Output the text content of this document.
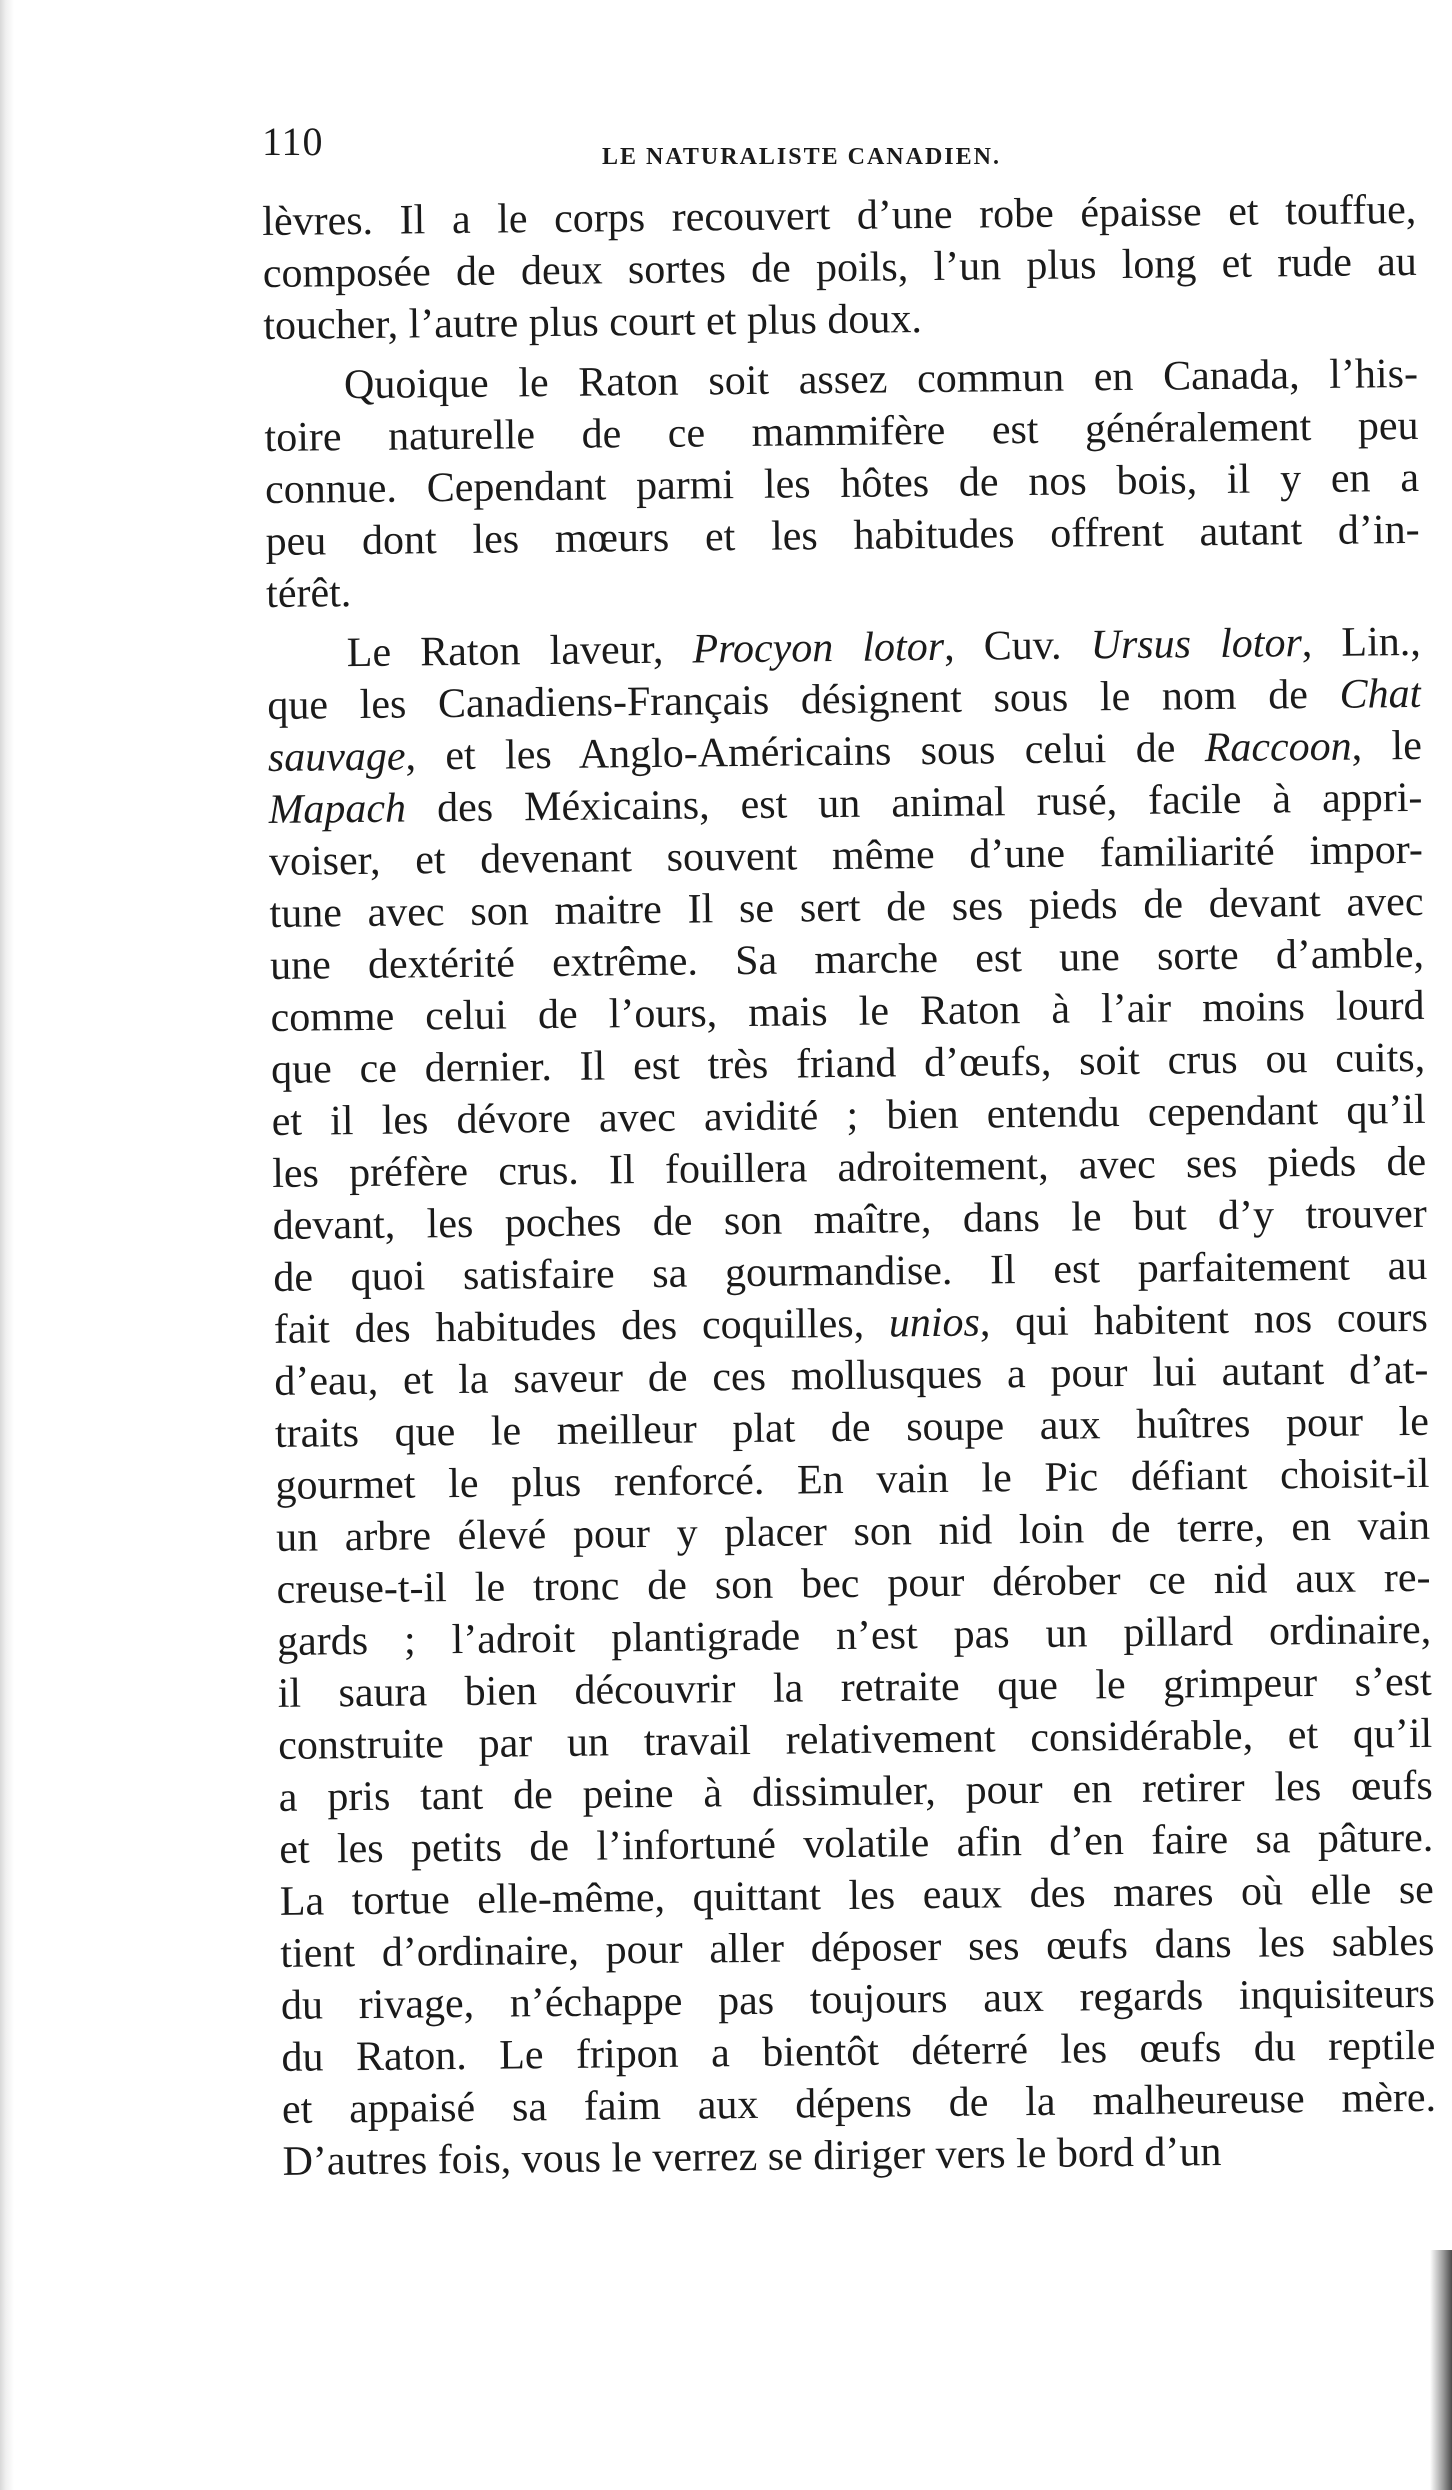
110	LE NATURALISTE CANADIEN.
lèvres. Il a le corps recouvert d’une robe épaisse et touffue,
composée de deux sortes de poils, l’un plus long et rude au
toucher, l’autre plus court et plus doux.
Quoique le Raton soit assez commun en Canada, l’his-
toire naturelle de ce mammifère est généralement peu
connue. Cependant parmi les hôtes de nos bois, il y en a
peu dont les mœurs et les habitudes offrent autant d’in-
térêt.
Le Raton laveur, Procyon lotor, Cuv. Ursus lotor, Lin.,
que les Canadiens-Français désignent sous le nom de Chat
sauvage, et les Anglo-Américains sous celui de Raccoon, le
Mapach des Méxicains, est un animal rusé, facile à appri-
voiser, et devenant souvent même d’une familiarité impor-
tune avec son maitre Il se sert de ses pieds de devant avec
une dextérité extrême. Sa marche est une sorte d’amble,
comme celui de l’ours, mais le Raton à l’air moins lourd
que ce dernier. Il est très friand d’œufs, soit crus ou cuits,
et il les dévore avec avidité ; bien entendu cependant qu’il
les préfère crus. Il fouillera adroitement, avec ses pieds de
devant, les poches de son maître, dans le but d’y trouver
de quoi satisfaire sa gourmandise. Il est parfaitement au
fait des habitudes des coquilles, unios, qui habitent nos cours
d’eau, et la saveur de ces mollusques a pour lui autant d’at-
traits que le meilleur plat de soupe aux huîtres pour le
gourmet le plus renforcé. En vain le Pic défiant choisit-il
un arbre élevé pour y placer son nid loin de terre, en vain
creuse-t-il le tronc de son bec pour dérober ce nid aux re-
gards ; l’adroit plantigrade n’est pas un pillard ordinaire,
il saura bien découvrir la retraite que le grimpeur s’est
construite par un travail relativement considérable, et qu’il
a pris tant de peine à dissimuler, pour en retirer les œufs
et les petits de l’infortuné volatile afin d’en faire sa pâture.
La tortue elle-même, quittant les eaux des mares où elle se
tient d’ordinaire, pour aller déposer ses œufs dans les sables
du rivage, n’échappe pas toujours aux regards inquisiteurs
du Raton. Le fripon a bientôt déterré les œufs du reptile
et appaisé sa faim aux dépens de la malheureuse mère.
D’autres fois, vous le verrez se diriger vers le bord d’un
